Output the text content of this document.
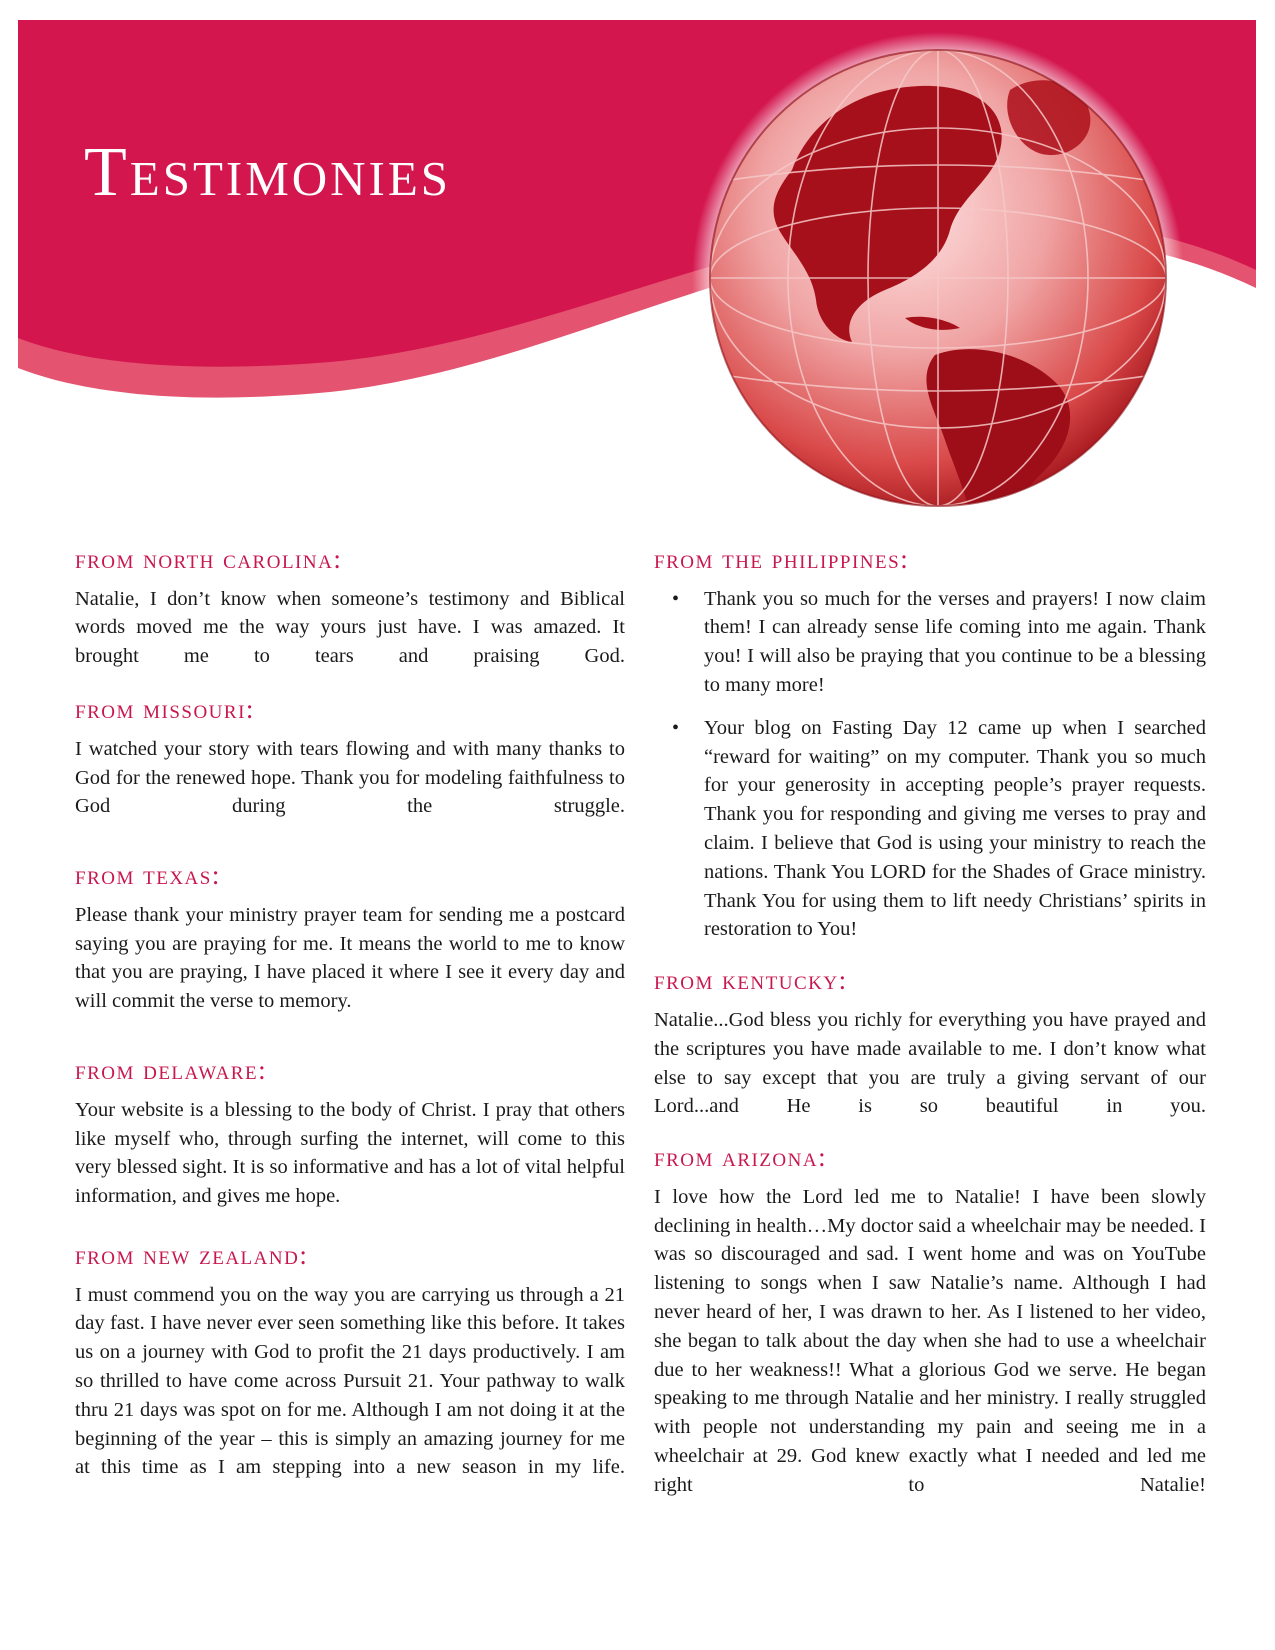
Testimonies
from north carolina:

Natalie, I don’t know when someone’s testimony and Biblical words moved me the way yours just have. I was amazed. It brought me to tears and praising God.

from missouri:

I watched your story with tears flowing and with many thanks to God for the renewed hope. Thank you for modeling faithfulness to God during the struggle.

from texas:

Please thank your ministry prayer team for sending me a postcard saying you are praying for me. It means the world to me to know that you are praying, I have placed it where I see it every day and will commit the verse to memory.

from delaware:

Your website is a blessing to the body of Christ. I pray that others like myself who, through surfing the internet, will come to this very blessed sight. It is so informative and has a lot of vital helpful information, and gives me hope.

from new zealand:

I must commend you on the way you are carrying us through a 21 day fast. I have never ever seen something like this before. It takes us on a journey with God to profit the 21 days productively. I am so thrilled to have come across Pursuit 21. Your pathway to walk thru 21 days was spot on for me. Although I am not doing it at the beginning of the year – this is simply an amazing journey for me at this time as I am stepping into a new season in my life.

from the philippines:
• Thank you so much for the verses and prayers! I now claim them! I can already sense life coming into me again. Thank you! I will also be praying that you continue to be a blessing to many more!
• Your blog on Fasting Day 12 came up when I searched “reward for waiting” on my computer. Thank you so much for your generosity in accepting people’s prayer requests. Thank you for responding and giving me verses to pray and claim. I believe that God is using your ministry to reach the nations. Thank You LORD for the Shades of Grace ministry. Thank You for using them to lift needy Christians’ spirits in restoration to You!
from kentucky:

Natalie...God bless you richly for everything you have prayed and the scriptures you have made available to me. I don’t know what else to say except that you are truly a giving servant of our Lord...and He is so beautiful in you.

from arizona:

I love how the Lord led me to Natalie! I have been slowly declining in health…My doctor said a wheelchair may be needed. I was so discouraged and sad. I went home and was on YouTube listening to songs when I saw Natalie’s name. Although I had never heard of her, I was drawn to her. As I listened to her video, she began to talk about the day when she had to use a wheelchair due to her weakness!! What a glorious God we serve. He began speaking to me through Natalie and her ministry. I really struggled with people not understanding my pain and seeing me in a wheelchair at 29. God knew exactly what I needed and led me right to Natalie!
